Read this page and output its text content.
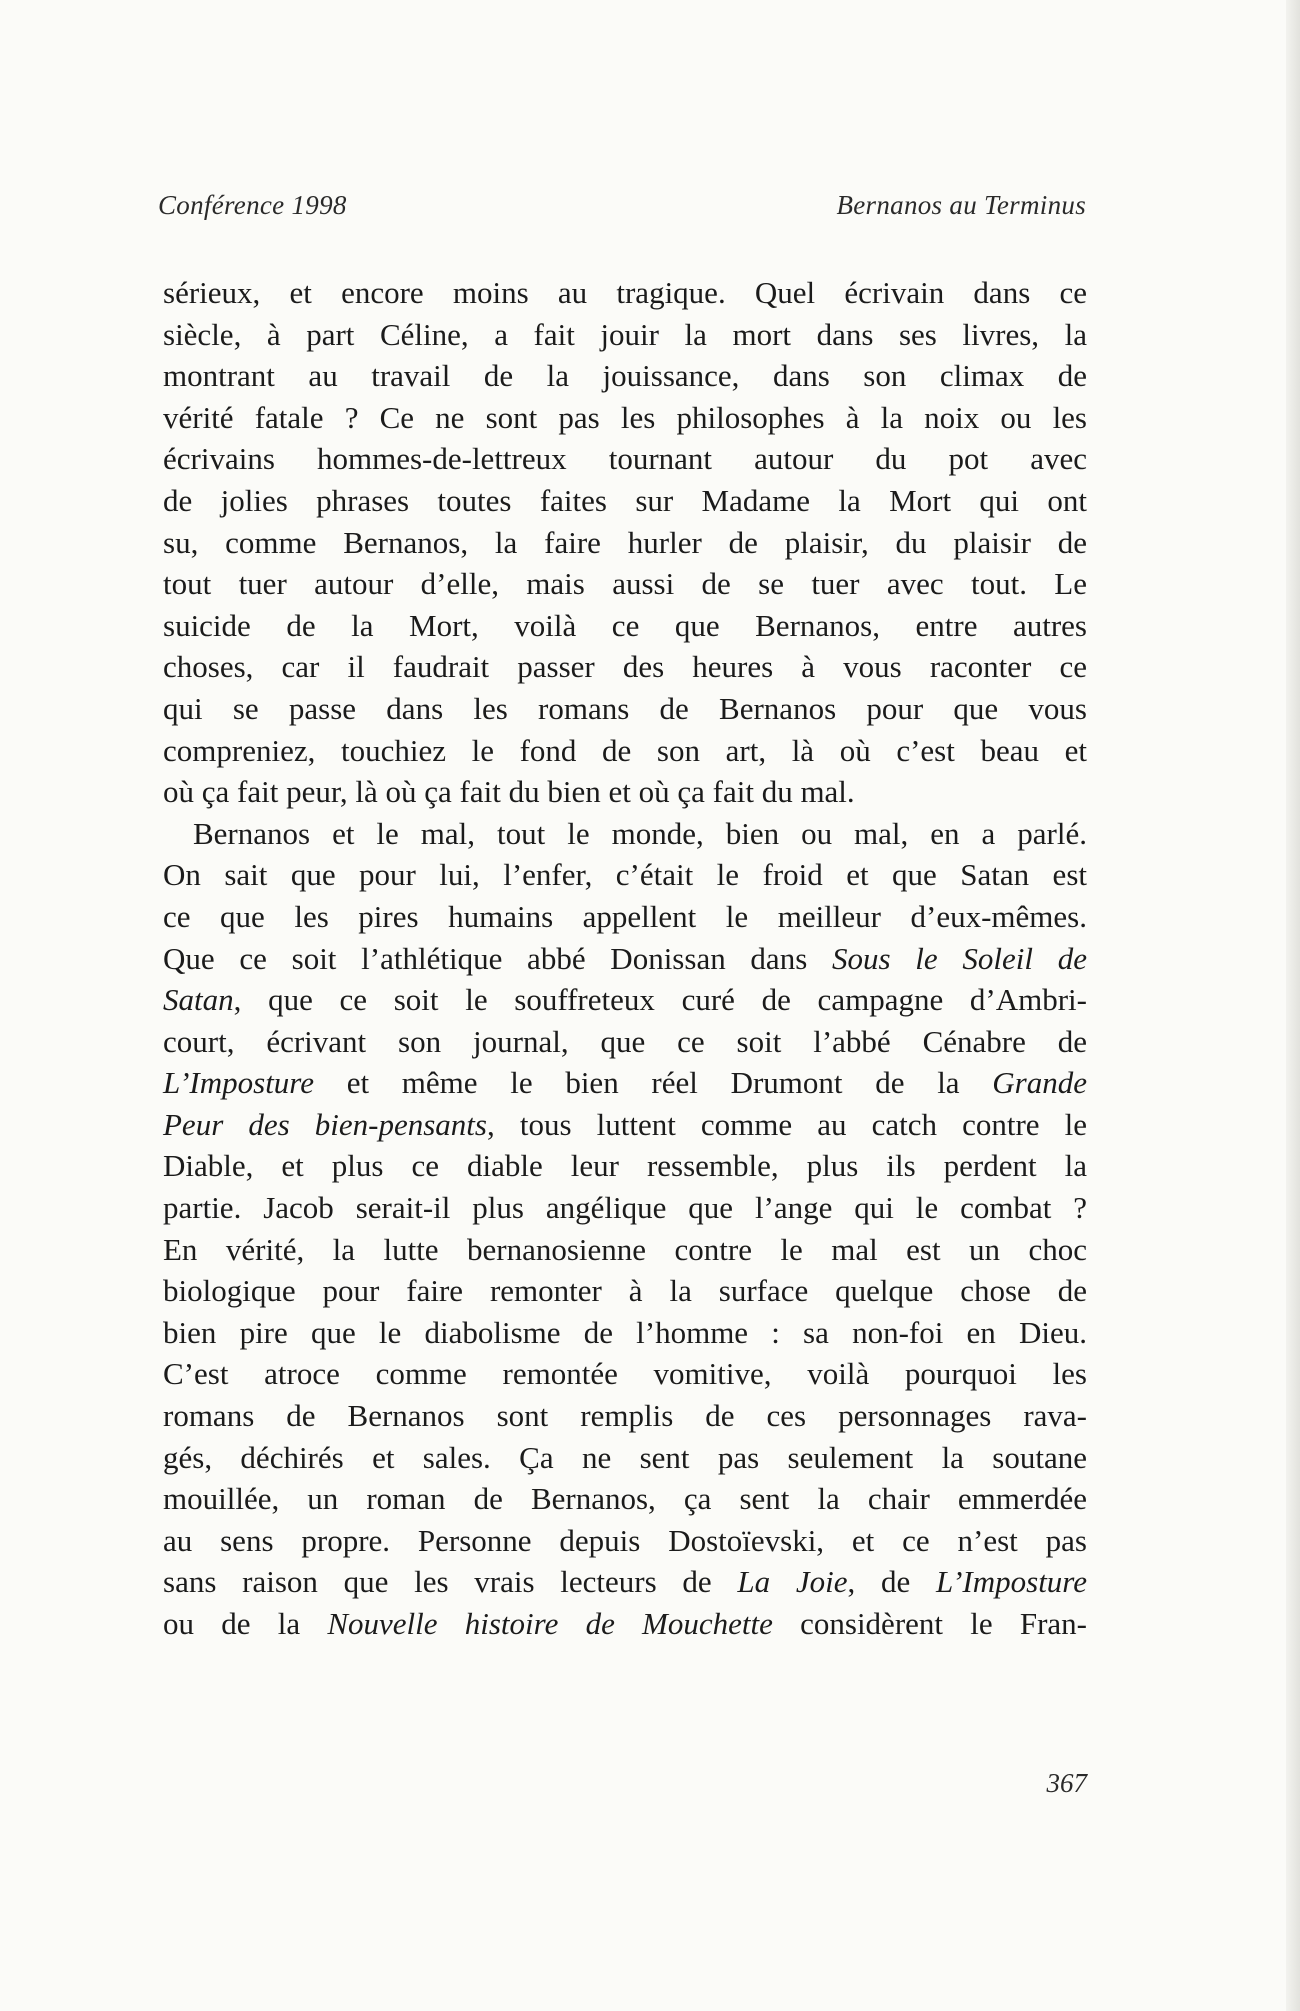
Conférence 1998	Bernanos au Terminus
sérieux, et encore moins au tragique. Quel écrivain dans ce
siècle, à part Céline, a fait jouir la mort dans ses livres, la
montrant au travail de la jouissance, dans son climax de
vérité fatale ? Ce ne sont pas les philosophes à la noix ou les
écrivains hommes-de-lettreux tournant autour du pot avec
de jolies phrases toutes faites sur Madame la Mort qui ont
su, comme Bernanos, la faire hurler de plaisir, du plaisir de
tout tuer autour d’elle, mais aussi de se tuer avec tout. Le
suicide de la Mort, voilà ce que Bernanos, entre autres
choses, car il faudrait passer des heures à vous raconter ce
qui se passe dans les romans de Bernanos pour que vous
compreniez, touchiez le fond de son art, là où c’est beau et
où ça fait peur, là où ça fait du bien et où ça fait du mal.
Bernanos et le mal, tout le monde, bien ou mal, en a parlé.
On sait que pour lui, l’enfer, c’était le froid et que Satan est
ce que les pires humains appellent le meilleur d’eux-mêmes.
Que ce soit l’athlétique abbé Donissan dans Sous le Soleil de
Satan, que ce soit le souffreteux curé de campagne d’Ambri-
court, écrivant son journal, que ce soit l’abbé Cénabre de
L’Imposture et même le bien réel Drumont de la Grande
Peur des bien-pensants, tous luttent comme au catch contre le
Diable, et plus ce diable leur ressemble, plus ils perdent la
partie. Jacob serait-il plus angélique que l’ange qui le combat ?
En vérité, la lutte bernanosienne contre le mal est un choc
biologique pour faire remonter à la surface quelque chose de
bien pire que le diabolisme de l’homme : sa non-foi en Dieu.
C’est atroce comme remontée vomitive, voilà pourquoi les
romans de Bernanos sont remplis de ces personnages rava-
gés, déchirés et sales. Ça ne sent pas seulement la soutane
mouillée, un roman de Bernanos, ça sent la chair emmerdée
au sens propre. Personne depuis Dostoïevski, et ce n’est pas
sans raison que les vrais lecteurs de La Joie, de L’Imposture
ou de la Nouvelle histoire de Mouchette considèrent le Fran-
367
